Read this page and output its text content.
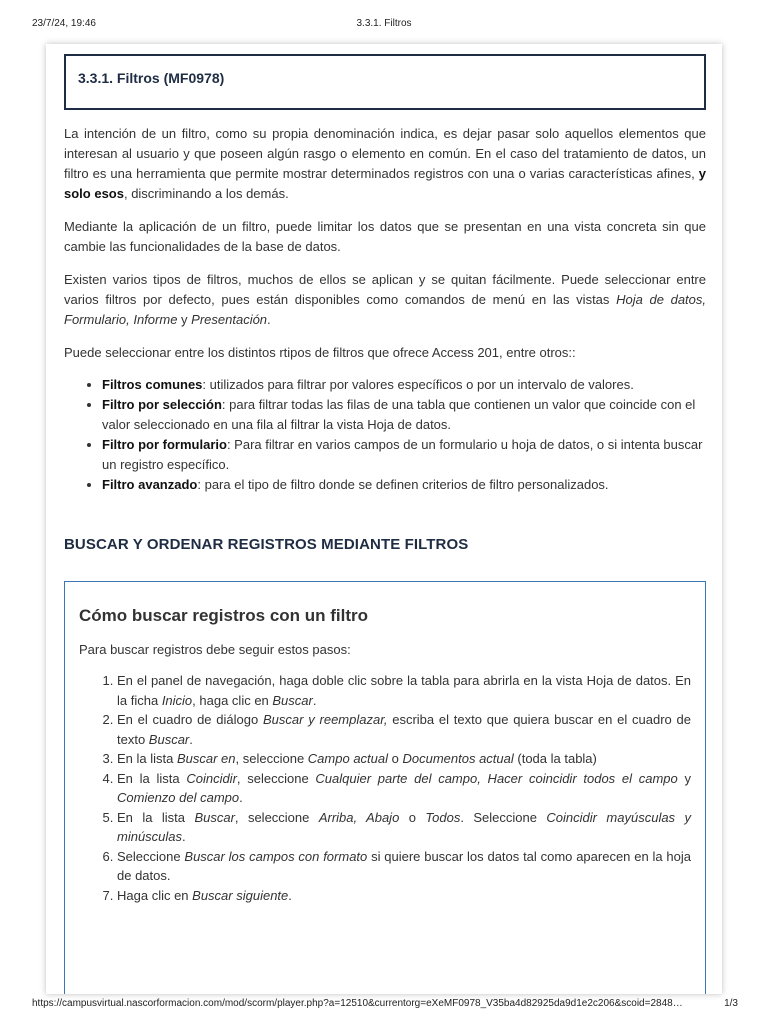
23/7/24, 19:46	3.3.1. Filtros
3.3.1. Filtros (MF0978)

La intención de un filtro, como su propia denominación indica, es dejar pasar solo aquellos elementos que interesan al usuario y que poseen algún rasgo o elemento en común. En el caso del tratamiento de datos, un filtro es una herramienta que permite mostrar determinados registros con una o varias características afines, y solo esos, discriminando a los demás.

Mediante la aplicación de un filtro, puede limitar los datos que se presentan en una vista concreta sin que cambie las funcionalidades de la base de datos.

Existen varios tipos de filtros, muchos de ellos se aplican y se quitan fácilmente. Puede seleccionar entre varios filtros por defecto, pues están disponibles como comandos de menú en las vistas Hoja de datos, Formulario, Informe y Presentación.

Puede seleccionar entre los distintos rtipos de filtros que ofrece Access 201, entre otros::

• Filtros comunes: utilizados para filtrar por valores específicos o por un intervalo de valores.
• Filtro por selección: para filtrar todas las filas de una tabla que contienen un valor que coincide con el valor seleccionado en una fila al filtrar la vista Hoja de datos.
• Filtro por formulario: Para filtrar en varios campos de un formulario u hoja de datos, o si intenta buscar un registro específico.
• Filtro avanzado: para el tipo de filtro donde se definen criterios de filtro personalizados.
BUSCAR Y ORDENAR REGISTROS MEDIANTE FILTROS
Cómo buscar registros con un filtro

Para buscar registros debe seguir estos pasos:

1. En el panel de navegación, haga doble clic sobre la tabla para abrirla en la vista Hoja de datos. En la ficha Inicio, haga clic en Buscar.
2. En el cuadro de diálogo Buscar y reemplazar, escriba el texto que quiera buscar en el cuadro de texto Buscar.
3. En la lista Buscar en, seleccione Campo actual o Documentos actual (toda la tabla)
4. En la lista Coincidir, seleccione Cualquier parte del campo, Hacer coincidir todos el campo y Comienzo del campo.
5. En la lista Buscar, seleccione Arriba, Abajo o Todos. Seleccione Coincidir mayúsculas y minúsculas.
6. Seleccione Buscar los campos con formato si quiere buscar los datos tal como aparecen en la hoja de datos.
7. Haga clic en Buscar siguiente.
https://campusvirtual.nascorformacion.com/mod/scorm/player.php?a=12510&currentorg=eXeMF0978_V35ba4d82925da9d1e2c206&scoid=2848…	1/3
